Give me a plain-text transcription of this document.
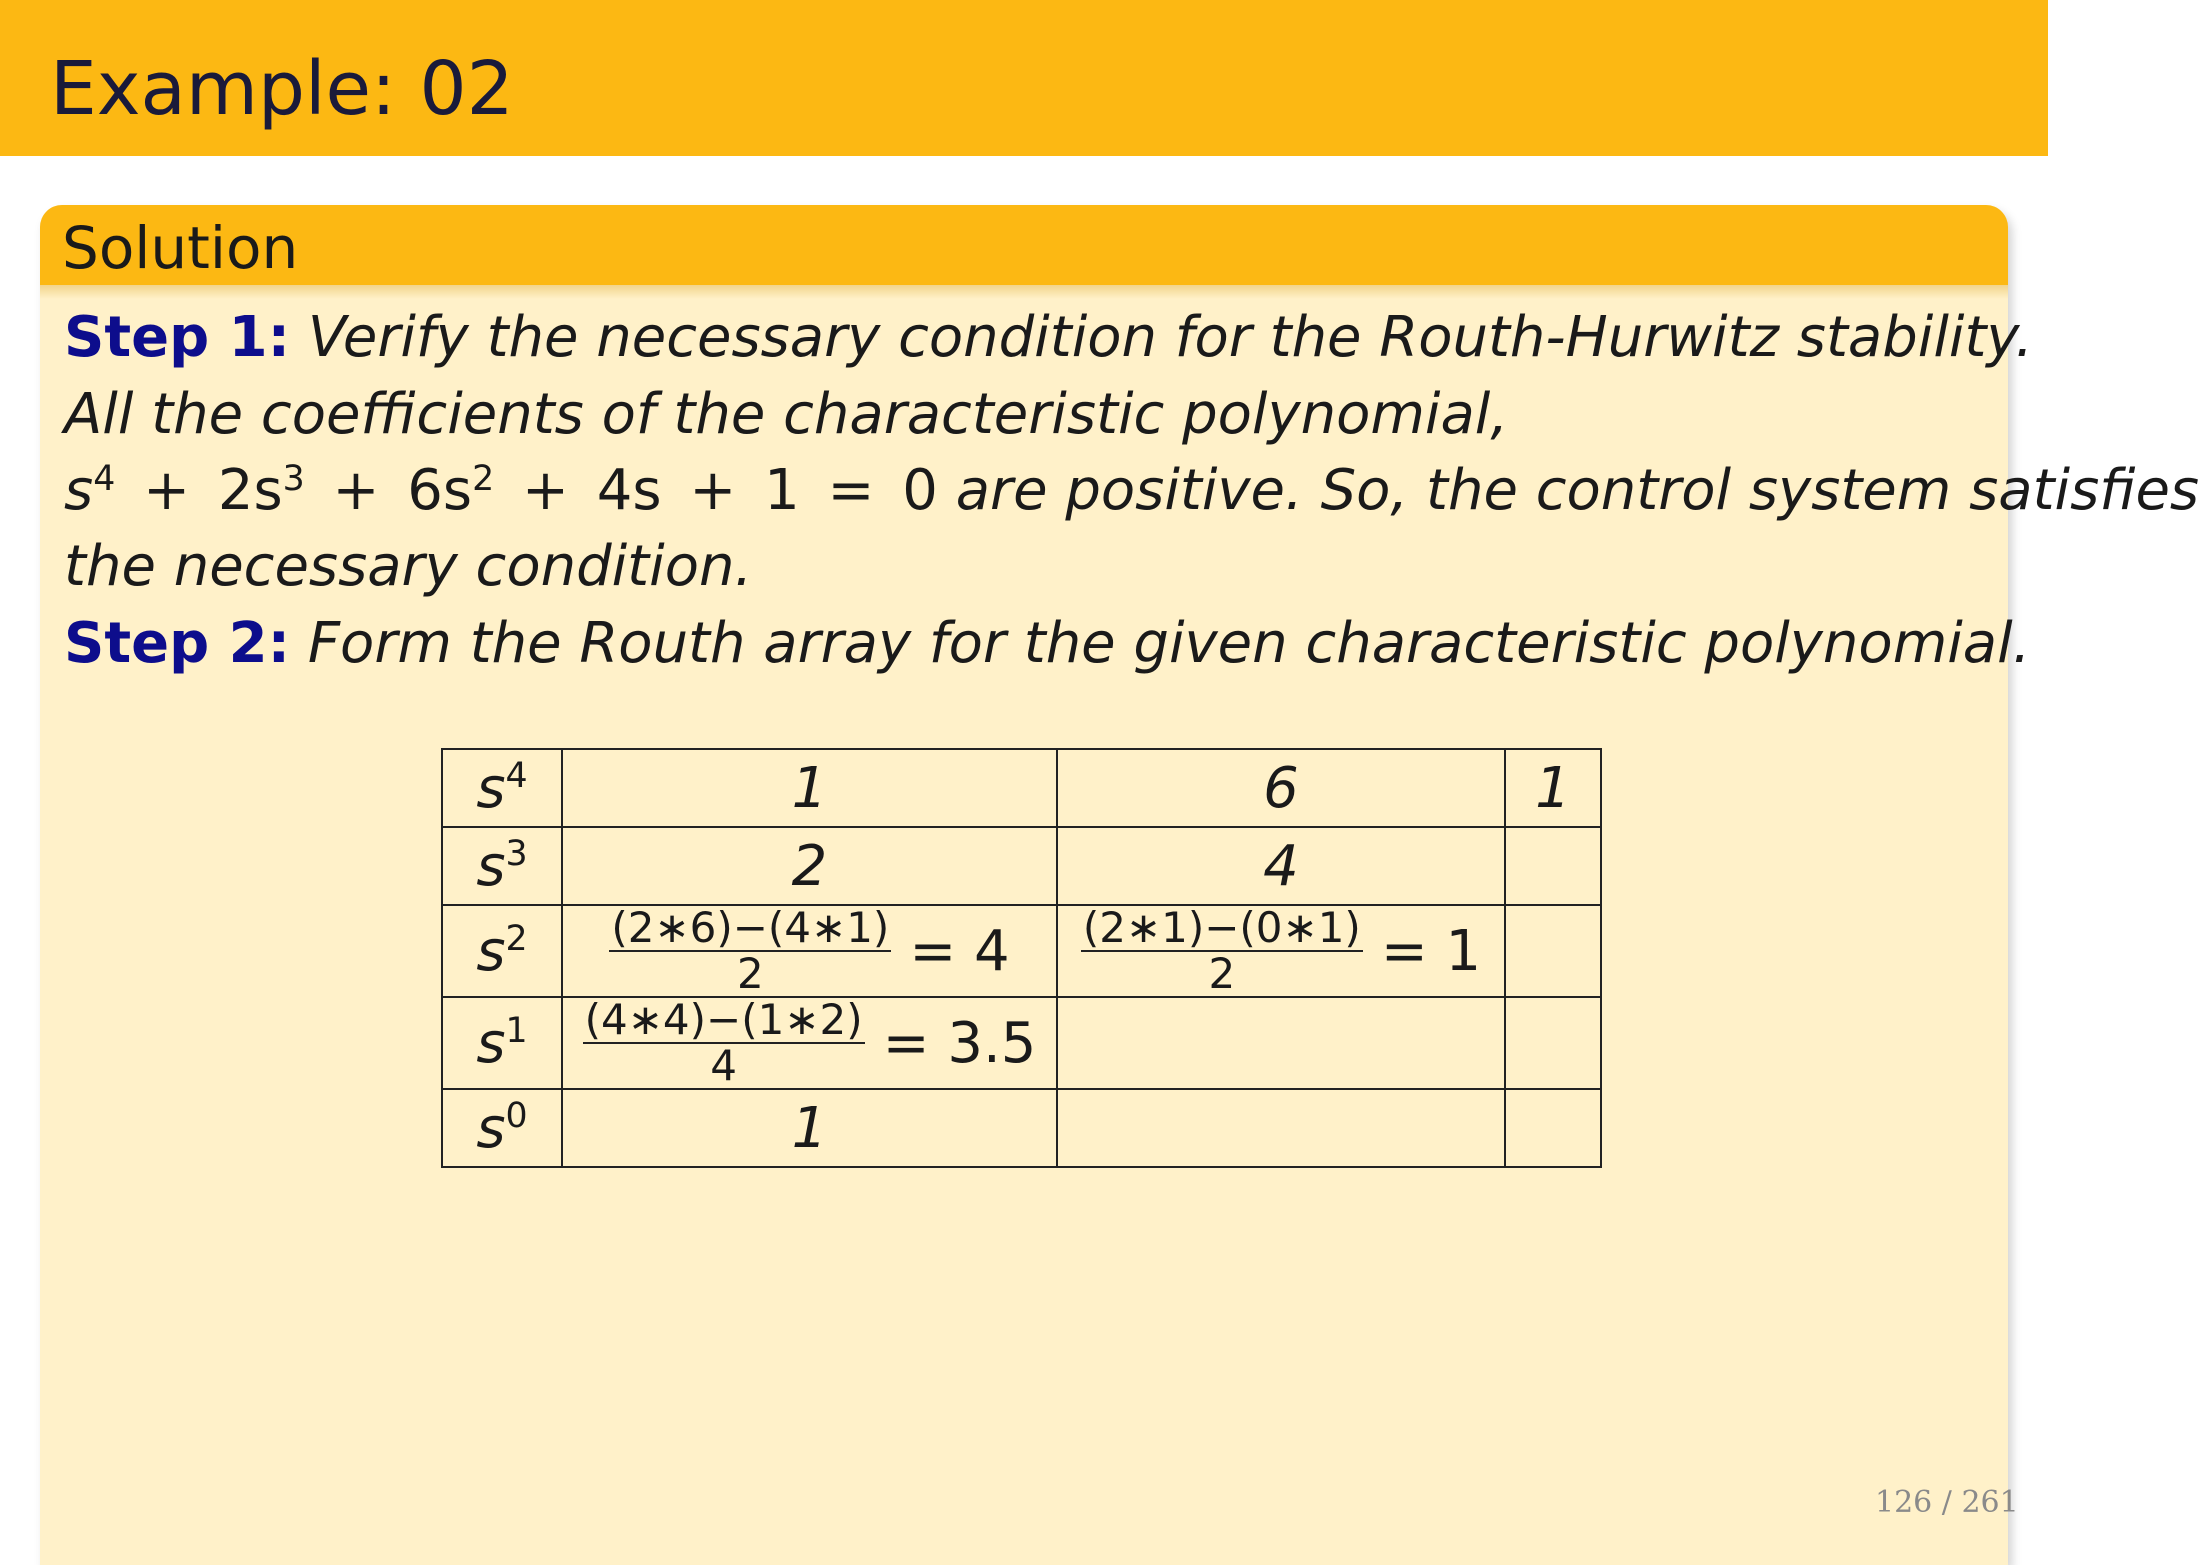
Example: 02
Solution
Step 1: Verify the necessary condition for the Routh-Hurwitz stability.
All the coefficients of the characteristic polynomial,
$s^4 + 2s^3 + 6s^2 + 4s + 1 = 0$ are positive. So, the control system satisfies
the necessary condition.
Step 2: Form the Routh array for the given characteristic polynomial.
$s^4$	1	6	1
$s^3$	2	4	
$s^2$	$\frac{(2∗6)-(4∗1)}{2} = 4$	$\frac{(2∗1)-(0∗1)}{2} = 1$	
$s^1$	$\frac{(4∗4)-(1∗2)}{4} = 3.5$		
$s^0$	1		
126 / 261
